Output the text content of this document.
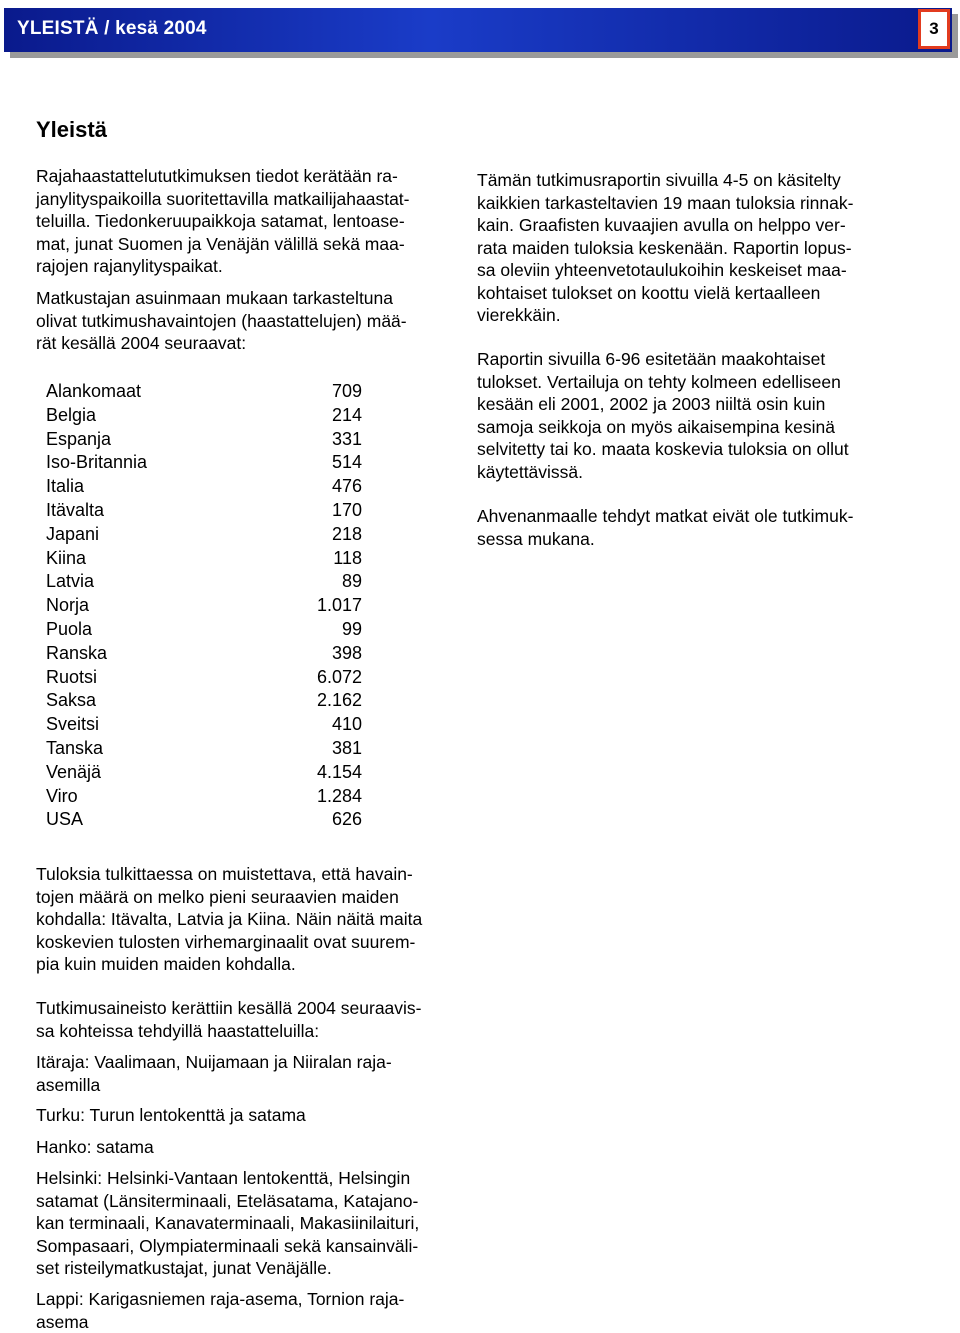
YLEISTÄ / kesä 2004	3
Yleistä

Rajahaastattelututkimuksen tiedot kerätään ra-
janylityspaikoilla suoritettavilla matkailijahaastat-
teluilla. Tiedonkeruupaikkoja satamat, lentoase-
mat, junat Suomen ja Venäjän välillä sekä maa-
rajojen rajanylityspaikat.

Matkustajan asuinmaan mukaan tarkasteltuna
olivat tutkimushavaintojen (haastattelujen) mää-
rät kesällä 2004 seuraavat:

Alankomaat	709
Belgia	214
Espanja	331
Iso-Britannia	514
Italia	476
Itävalta	170
Japani	218
Kiina	118
Latvia	89
Norja	1.017
Puola	99
Ranska	398
Ruotsi	6.072
Saksa	2.162
Sveitsi	410
Tanska	381
Venäjä	4.154
Viro	1.284
USA	626

Tuloksia tulkittaessa on muistettava, että havain-
tojen määrä on melko pieni seuraavien maiden
kohdalla: Itävalta, Latvia ja Kiina. Näin näitä maita
koskevien tulosten virhemarginaalit ovat suurem-
pia kuin muiden maiden kohdalla.

Tutkimusaineisto kerättiin kesällä 2004 seuraavis-
sa kohteissa tehdyillä haastatteluilla:

Itäraja: Vaalimaan, Nuijamaan ja Niiralan raja-
asemilla

Turku: Turun lentokenttä ja satama

Hanko: satama

Helsinki: Helsinki-Vantaan lentokenttä, Helsingin
satamat (Länsiterminaali, Eteläsatama, Katajano-
kan terminaali, Kanavaterminaali, Makasiinilaituri,
Sompasaari, Olympiaterminaali sekä kansainväli-
set risteilymatkustajat, junat Venäjälle.

Lappi: Karigasniemen raja-asema, Tornion raja-
asema

Tämän tutkimusraportin sivuilla 4-5 on käsitelty
kaikkien tarkasteltavien 19 maan tuloksia rinnak-
kain. Graafisten kuvaajien avulla on helppo ver-
rata maiden tuloksia keskenään. Raportin lopus-
sa oleviin yhteenvetotaulukoihin keskeiset maa-
kohtaiset tulokset on koottu vielä kertaalleen
vierekkäin.

Raportin sivuilla 6-96 esitetään maakohtaiset
tulokset. Vertailuja on tehty kolmeen edelliseen
kesään eli 2001, 2002 ja 2003 niiltä osin kuin
samoja seikkoja on myös aikaisempina kesinä
selvitetty tai ko. maata koskevia tuloksia on ollut
käytettävissä.

Ahvenanmaalle tehdyt matkat eivät ole tutkimuk-
sessa mukana.
